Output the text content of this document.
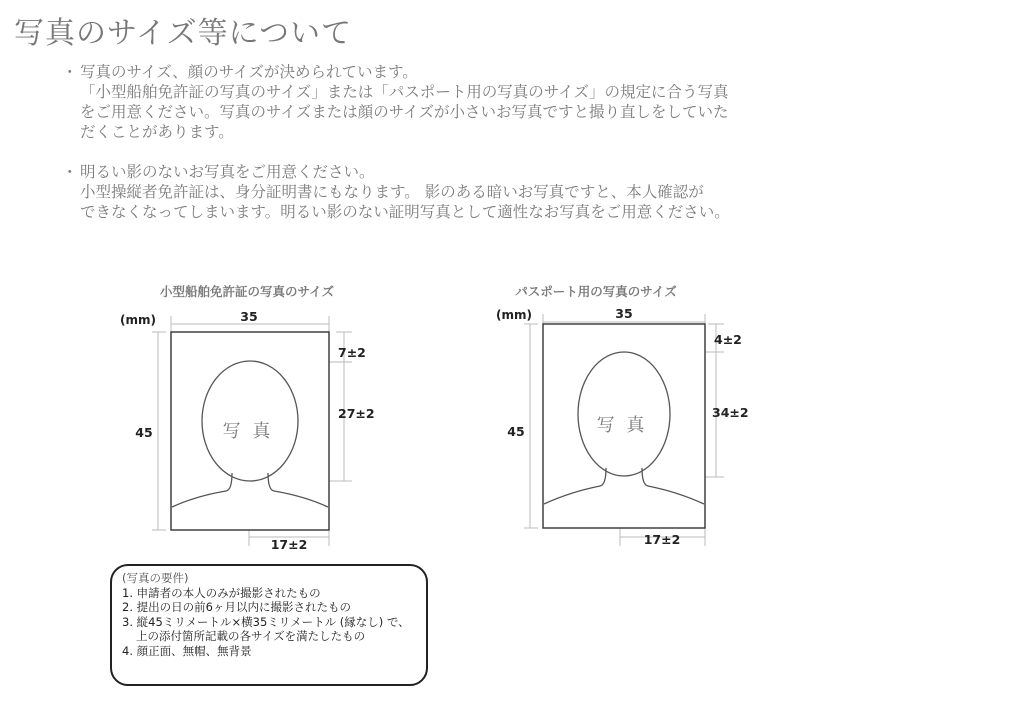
写真のサイズ等について
・ 写真のサイズ、顔のサイズが決められています。
「小型船舶免許証の写真のサイズ」または「パスポート用の写真のサイズ」の規定に合う写真
をご用意ください。写真のサイズまたは顔のサイズが小さいお写真ですと撮り直しをしていた
だくことがあります。
・ 明るい影のないお写真をご用意ください。
小型操縦者免許証は、身分証明書にもなります。 影のある暗いお写真ですと、本人確認が
できなくなってしまいます。明るい影のない証明写真として適性なお写真をご用意ください。
小型船舶免許証の写真のサイズ
(mm)	35
45
7±2
27±2
17±2
写 真
パスポート用の写真のサイズ
(mm)	35
45
4±2
34±2
17±2
写 真
(写真の要件)
1. 申請者の本人のみが撮影されたもの
2. 提出の日の前6ヶ月以内に撮影されたもの
3. 縦45ミリメートル×横35ミリメートル (縁なし) で、
上の添付箇所記載の各サイズを満たしたもの
4. 顔正面、無帽、無背景
